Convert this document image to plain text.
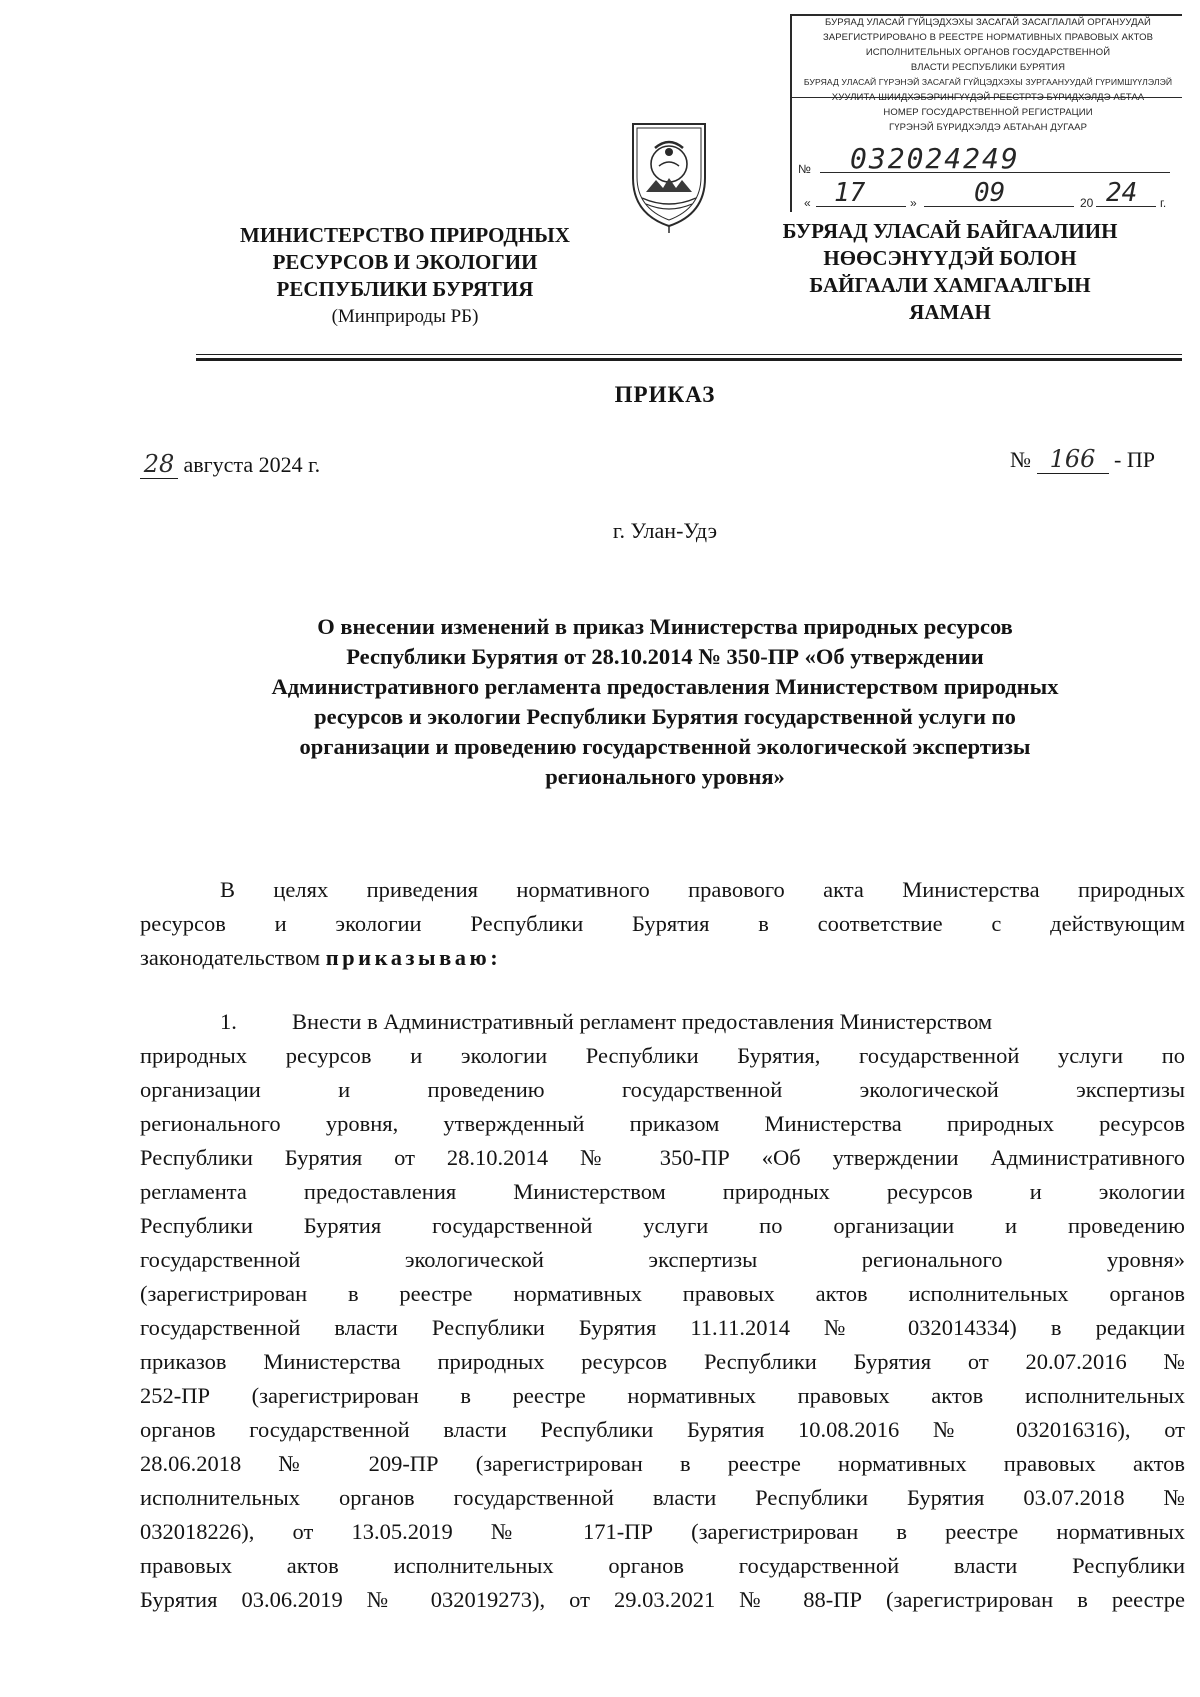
БУРЯАД УЛАСАЙ ГҮЙЦЭДХЭХЫ ЗАСАГАЙ ЗАСАГЛАЛАЙ ОРГАНУУДАЙ
ЗАРЕГИСТРИРОВАНО В РЕЕСТРЕ НОРМАТИВНЫХ ПРАВОВЫХ АКТОВ
ИСПОЛНИТЕЛЬНЫХ ОРГАНОВ ГОСУДАРСТВЕННОЙ
ВЛАСТИ РЕСПУБЛИКИ БУРЯТИЯ
БУРЯАД УЛАСАЙ ГҮРЭНЭЙ ЗАСАГАЙ ГҮЙЦЭДХЭХЫ ЗУРГААНУУДАЙ ГҮРИМШҮҮЛЭЛЭЙ
ХУУЛИТА ШИИДХЭБЭРИНГҮҮДЭЙ РЕЕСТРТЭ БҮРИДХЭЛДЭ АБТАА
НОМЕР ГОСУДАРСТВЕННОЙ РЕГИСТРАЦИИ
ГҮРЭНЭЙ БҮРИДХЭЛДЭ АБТАҺАН ДУГААР
№ 032024249
« 17	» 09	20 24 г.
МИНИСТЕРСТВО ПРИРОДНЫХ
РЕСУРСОВ И ЭКОЛОГИИ
РЕСПУБЛИКИ БУРЯТИЯ
(Минприроды РБ)
БУРЯАД УЛАСАЙ БАЙГААЛИИН
НӨӨСЭНҮҮДЭЙ БОЛОН
БАЙГААЛИ ХАМГААЛГЫН
ЯАМАН
ПРИКАЗ
28 августа 2024 г.	№ 166 - ПР
г. Улан-Удэ
О внесении изменений в приказ Министерства природных ресурсов
Республики Бурятия от 28.10.2014 № 350-ПР «Об утверждении
Административного регламента предоставления Министерством природных
ресурсов и экологии Республики Бурятия государственной услуги по
организации и проведению государственной экологической экспертизы
регионального уровня»
В целях приведения нормативного правового акта Министерства природных
ресурсов и экологии Республики Бурятия в соответствие с действующим
законодательством приказываю:
1. Внести в Административный регламент предоставления Министерством
природных ресурсов и экологии Республики Бурятия, государственной услуги по
организации и проведению государственной экологической экспертизы
регионального уровня, утвержденный приказом Министерства природных ресурсов
Республики Бурятия от 28.10.2014 № 350-ПР «Об утверждении Административного
регламента предоставления Министерством природных ресурсов и экологии
Республики Бурятия государственной услуги по организации и проведению
государственной экологической экспертизы регионального уровня»
(зарегистрирован в реестре нормативных правовых актов исполнительных органов
государственной власти Республики Бурятия 11.11.2014 № 032014334) в редакции
приказов Министерства природных ресурсов Республики Бурятия от 20.07.2016 №
252-ПР (зарегистрирован в реестре нормативных правовых актов исполнительных
органов государственной власти Республики Бурятия 10.08.2016 № 032016316), от
28.06.2018 № 209-ПР (зарегистрирован в реестре нормативных правовых актов
исполнительных органов государственной власти Республики Бурятия 03.07.2018 №
032018226), от 13.05.2019 № 171-ПР (зарегистрирован в реестре нормативных
правовых актов исполнительных органов государственной власти Республики
Бурятия 03.06.2019 № 032019273), от 29.03.2021 № 88-ПР (зарегистрирован в реестре
